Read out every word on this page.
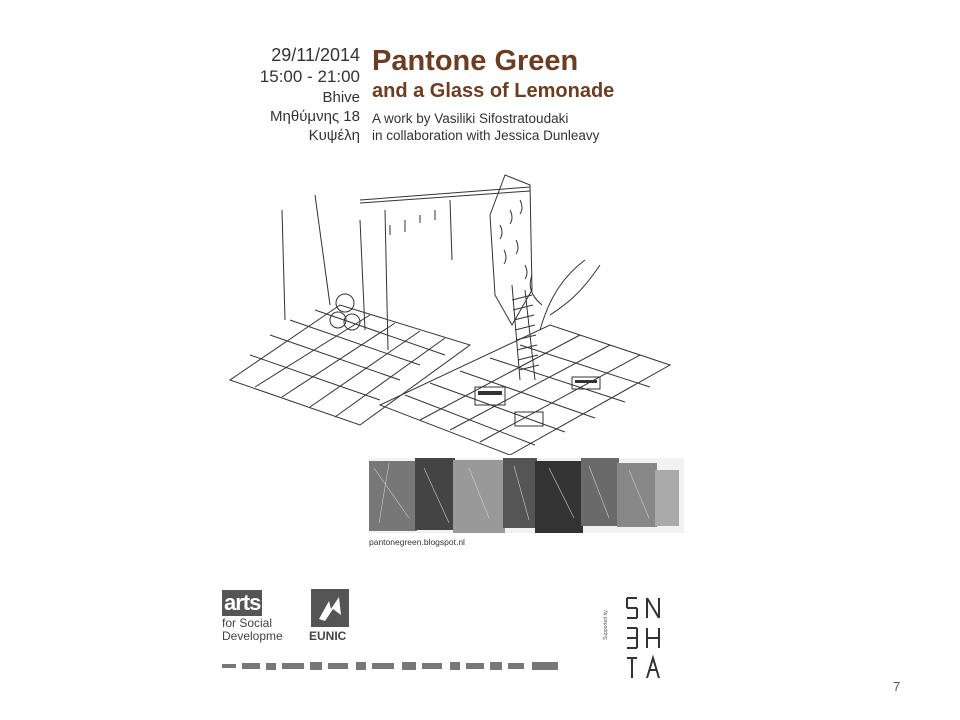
29/11/2014
15:00 - 21:00
Bhive
Μηθύμνης 18
Κυψέλη
Pantone Green
and a Glass of Lemonade
A work by Vasiliki Sifostratoudaki
in collaboration with Jessica Dunleavy
pantonegreen.blogspot.nl
arts
for Social
Developme EUNIC	Supported by
7
